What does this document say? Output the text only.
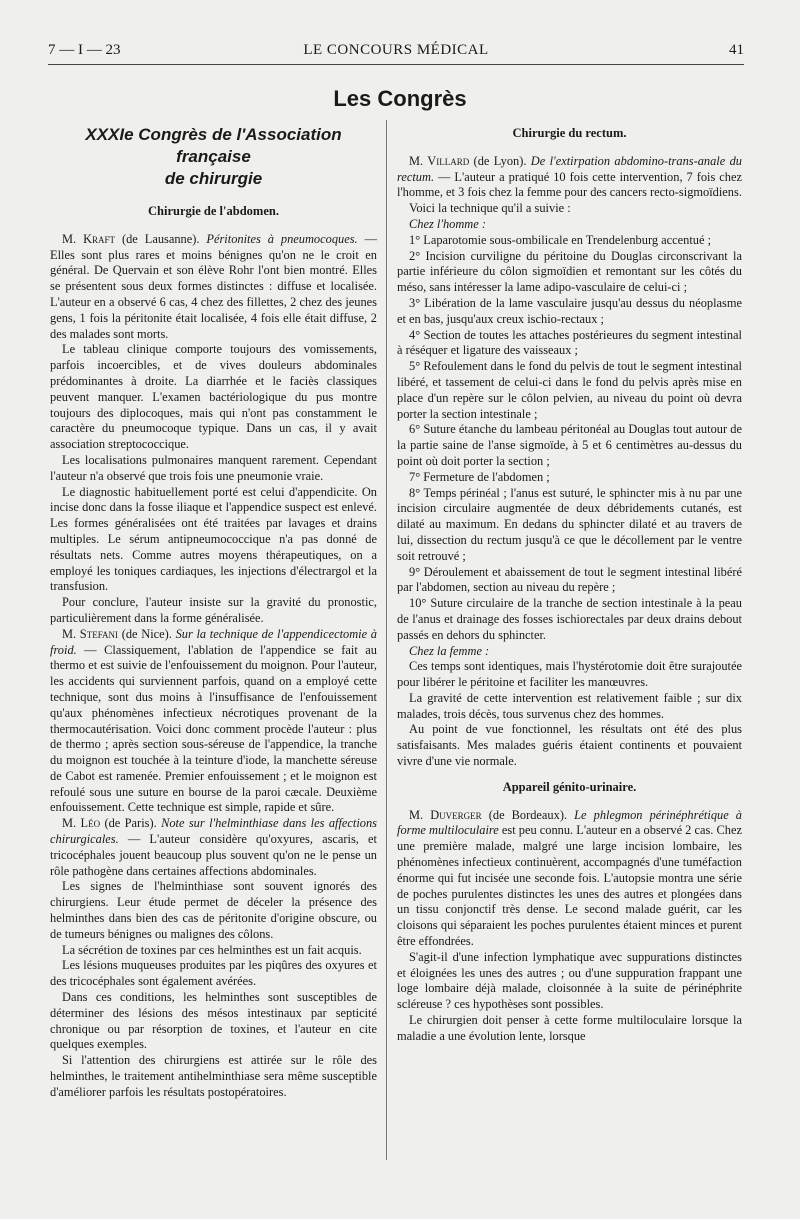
7 — I — 23	LE CONCOURS MÉDICAL	41
Les Congrès
XXXIe Congrès de l'Association française
de chirurgie
Chirurgie de l'abdomen.

M. Kraft (de Lausanne). Péritonites à pneumocoques. — Elles sont plus rares et moins bénignes qu'on ne le croit en général. De Quervain et son élève Rohr l'ont bien montré. Elles se présentent sous deux formes distinctes : diffuse et localisée. L'auteur en a observé 6 cas, 4 chez des fillettes, 2 chez des jeunes gens, 1 fois la péritonite était localisée, 4 fois elle était diffuse, 2 des malades sont morts.

Le tableau clinique comporte toujours des vomissements, parfois incoercibles, et de vives douleurs abdominales prédominantes à droite. La diarrhée et le faciès classiques peuvent manquer. L'examen bactériologique du pus montre toujours des diplocoques, mais qui n'ont pas constamment le caractère du pneumocoque typique. Dans un cas, il y avait association streptococcique.

Les localisations pulmonaires manquent rarement. Cependant l'auteur n'a observé que trois fois une pneumonie vraie.

Le diagnostic habituellement porté est celui d'appendicite. On incise donc dans la fosse iliaque et l'appendice suspect est enlevé. Les formes généralisées ont été traitées par lavages et drains multiples. Le sérum antipneumococcique n'a pas donné de résultats nets. Comme autres moyens thérapeutiques, on a employé les toniques cardiaques, les injections d'électrargol et la transfusion.

Pour conclure, l'auteur insiste sur la gravité du pronostic, particulièrement dans la forme généralisée.

M. Stefani (de Nice). Sur la technique de l'appendicectomie à froid. — Classiquement, l'ablation de l'appendice se fait au thermo et est suivie de l'enfouissement du moignon. Pour l'auteur, les accidents qui surviennent parfois, quand on a employé cette technique, sont dus moins à l'insuffisance de l'enfouissement qu'aux phénomènes infectieux nécrotiques provenant de la thermocautérisation. Voici donc comment procède l'auteur : plus de thermo ; après section sous-séreuse de l'appendice, la tranche du moignon est touchée à la teinture d'iode, la manchette séreuse de Cabot est ramenée. Premier enfouissement ; et le moignon est refoulé sous une suture en bourse de la paroi cæcale. Deuxième enfouissement. Cette technique est simple, rapide et sûre.

M. Léo (de Paris). Note sur l'helminthiase dans les affections chirurgicales. — L'auteur considère qu'oxyures, ascaris, et tricocéphales jouent beaucoup plus souvent qu'on ne le pense un rôle pathogène dans certaines affections abdominales.

Les signes de l'helminthiase sont souvent ignorés des chirurgiens. Leur étude permet de déceler la présence des helminthes dans bien des cas de péritonite d'origine obscure, ou de tumeurs bénignes ou malignes des côlons.

La sécrétion de toxines par ces helminthes est un fait acquis.

Les lésions muqueuses produites par les piqûres des oxyures et des tricocéphales sont également avérées.

Dans ces conditions, les helminthes sont susceptibles de déterminer des lésions des mésos intestinaux par septicité chronique ou par résorption de toxines, et l'auteur en cite quelques exemples.

Si l'attention des chirurgiens est attirée sur le rôle des helminthes, le traitement antihelminthiase sera même susceptible d'améliorer parfois les résultats postopératoires.

Chirurgie du rectum.

M. Villard (de Lyon). De l'extirpation abdomino-trans-anale du rectum. — L'auteur a pratiqué 10 fois cette intervention, 7 fois chez l'homme, et 3 fois chez la femme pour des cancers recto-sigmoïdiens.

Voici la technique qu'il a suivie :

Chez l'homme :

1° Laparotomie sous-ombilicale en Trendelenburg accentué ;

2° Incision curviligne du péritoine du Douglas circonscrivant la partie inférieure du côlon sigmoïdien et remontant sur les côtés du méso, sans intéresser la lame adipo-vasculaire de celui-ci ;

3° Libération de la lame vasculaire jusqu'au dessus du néoplasme et en bas, jusqu'aux creux ischio-rectaux ;

4° Section de toutes les attaches postérieures du segment intestinal à réséquer et ligature des vaisseaux ;

5° Refoulement dans le fond du pelvis de tout le segment intestinal libéré, et tassement de celui-ci dans le fond du pelvis après mise en place d'un repère sur le côlon pelvien, au niveau du point où devra porter la section intestinale ;

6° Suture étanche du lambeau péritonéal au Douglas tout autour de la partie saine de l'anse sigmoïde, à 5 et 6 centimètres au-dessus du point où doit porter la section ;

7° Fermeture de l'abdomen ;

8° Temps périnéal ; l'anus est suturé, le sphincter mis à nu par une incision circulaire augmentée de deux débridements cutanés, est dilaté au maximum. En dedans du sphincter dilaté et au travers de lui, dissection du rectum jusqu'à ce que le décollement par le ventre soit retrouvé ;

9° Déroulement et abaissement de tout le segment intestinal libéré par l'abdomen, section au niveau du repère ;

10° Suture circulaire de la tranche de section intestinale à la peau de l'anus et drainage des fosses ischiorectales par deux drains debout passés en dehors du sphincter.

Chez la femme :

Ces temps sont identiques, mais l'hystérotomie doit être surajoutée pour libérer le péritoine et faciliter les manœuvres.

La gravité de cette intervention est relativement faible ; sur dix malades, trois décès, tous survenus chez des hommes.

Au point de vue fonctionnel, les résultats ont été des plus satisfaisants. Mes malades guéris étaient continents et pouvaient vivre d'une vie normale.

Appareil génito-urinaire.

M. Duverger (de Bordeaux). Le phlegmon périnéphrétique à forme multiloculaire est peu connu. L'auteur en a observé 2 cas. Chez une première malade, malgré une large incision lombaire, les phénomènes infectieux continuèrent, accompagnés d'une tuméfaction énorme qui fut incisée une seconde fois. L'autopsie montra une série de poches purulentes distinctes les unes des autres et plongées dans un tissu conjonctif très dense. Le second malade guérit, car les cloisons qui séparaient les poches purulentes étaient minces et purent être effondrées.

S'agit-il d'une infection lymphatique avec suppurations distinctes et éloignées les unes des autres ; ou d'une suppuration frappant une loge lombaire déjà malade, cloisonnée à la suite de périnéphrite scléreuse ? ces hypothèses sont possibles.

Le chirurgien doit penser à cette forme multiloculaire lorsque la maladie a une évolution lente, lorsque
